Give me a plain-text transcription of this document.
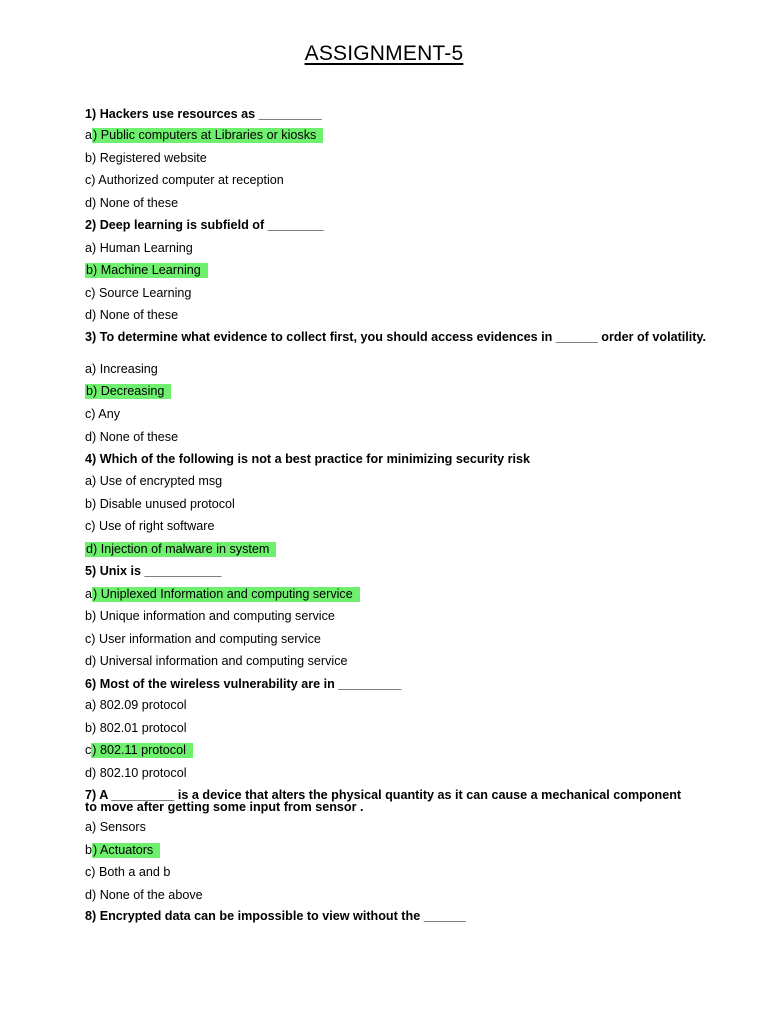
ASSIGNMENT-5
1) Hackers use resources as _________
a) Public computers at Libraries or kiosks
b) Registered website
c) Authorized computer at reception
d) None of these
2) Deep learning is subfield of ________
a) Human Learning
b) Machine Learning
c) Source Learning
d) None of these
3) To determine what evidence to collect first, you should access evidences in ______ order of volatility.
a) Increasing
b) Decreasing
c) Any
d) None of these
4) Which of the following is not a best practice for minimizing security risk
a) Use of encrypted msg
b) Disable unused protocol
c) Use of right software
d) Injection of malware in system
5) Unix is ___________
a) Uniplexed Information and computing service
b) Unique information and computing service
c) User information and computing service
d) Universal information and computing service
6) Most of the wireless vulnerability are in _________
a) 802.09 protocol
b) 802.01 protocol
c) 802.11 protocol
d) 802.10 protocol
7) A _________ is a device that alters the physical quantity as it can cause a mechanical component to move after getting some input from sensor .
a) Sensors
b) Actuators
c) Both a and b
d) None of the above
8) Encrypted data can be impossible to view without the ______
